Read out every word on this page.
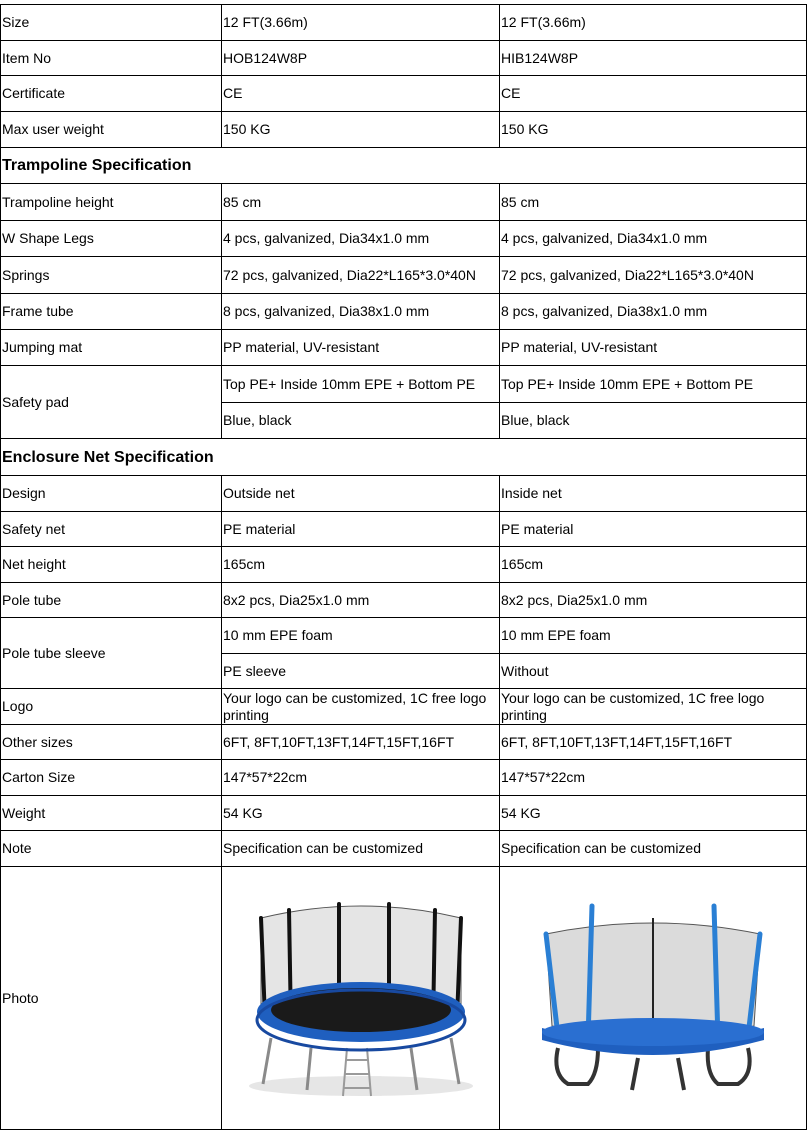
Size	12 FT(3.66m)	12 FT(3.66m)
Item No	HOB124W8P	HIB124W8P
Certificate	CE	CE
Max user weight	150 KG	150 KG
Trampoline Specification		
Trampoline height	85 cm	85 cm
W Shape Legs	4 pcs, galvanized, Dia34x1.0 mm	4 pcs, galvanized, Dia34x1.0 mm
Springs	72 pcs, galvanized, Dia22*L165*3.0*40N	72 pcs, galvanized, Dia22*L165*3.0*40N
Frame tube	8 pcs, galvanized, Dia38x1.0 mm	8 pcs, galvanized, Dia38x1.0 mm
Jumping mat	PP material, UV-resistant	PP material, UV-resistant
Safety pad	Top PE+ Inside 10mm EPE + Bottom PE	Top PE+ Inside 10mm EPE + Bottom PE
	Blue, black	Blue, black
Enclosure Net Specification		
Design	Outside net	Inside net
Safety net	PE material	PE material
Net height	165cm	165cm
Pole tube	8x2 pcs, Dia25x1.0 mm	8x2 pcs, Dia25x1.0 mm
Pole tube sleeve	10 mm EPE foam	10 mm EPE foam
	PE sleeve	Without
Logo	Your logo can be customized, 1C free logo printing	Your logo can be customized, 1C free logo printing
Other sizes	6FT, 8FT,10FT,13FT,14FT,15FT,16FT	6FT, 8FT,10FT,13FT,14FT,15FT,16FT
Carton Size	147*57*22cm	147*57*22cm
Weight	54 KG	54 KG
Note	Specification can be customized	Specification can be customized
Photo	
